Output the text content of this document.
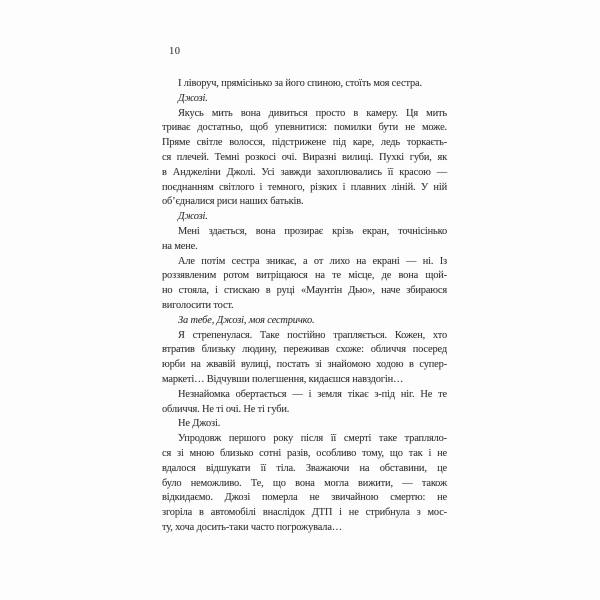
10
І ліворуч, прямісінько за його спиною, стоїть моя сестра.
Джозі.
Якусь мить вона дивиться просто в камеру. Ця мить
триває достатньо, щоб упевнитися: помилки бути не може.
Пряме світле волосся, підстрижене під каре, ледь торкаєть-
ся плечей. Темні розкосі очі. Виразні вилиці. Пухкі губи, як
в Анджеліни Джолі. Усі завжди захоплювались її красою —
поєднанням світлого і темного, різких і плавних ліній. У ній
об’єдналися риси наших батьків.
Джозі.
Мені здається, вона прозирає крізь екран, точнісінько
на мене.
Але потім сестра зникає, а от лихо на екрані — ні. Із
роззявленим ротом витріщаюся на те місце, де вона щой-
но стояла, і стискаю в руці «Маунтін Дью», наче збираюся
виголосити тост.
За тебе, Джозі, моя сестричко.
Я стрепенулася. Таке постійно трапляється. Кожен, хто
втратив близьку людину, переживав схоже: обличчя посеред
юрби на жвавій вулиці, постать зі знайомою ходою в супер-
маркеті… Відчувши полегшення, кидаєшся навздогін…
Незнайомка обертається — і земля тікає з-під ніг. Не те
обличчя. Не ті очі. Не ті губи.
Не Джозі.
Упродовж першого року після її смерті таке трапляло-
ся зі мною близько сотні разів, особливо тому, що так і не
вдалося відшукати її тіла. Зважаючи на обставини, це
було неможливо. Те, що вона могла вижити, — також
відкидаємо. Джозі померла не звичайною смертю: не
згоріла в автомобілі внаслідок ДТП і не стрибнула з мос-
ту, хоча досить-таки часто погрожувала…
